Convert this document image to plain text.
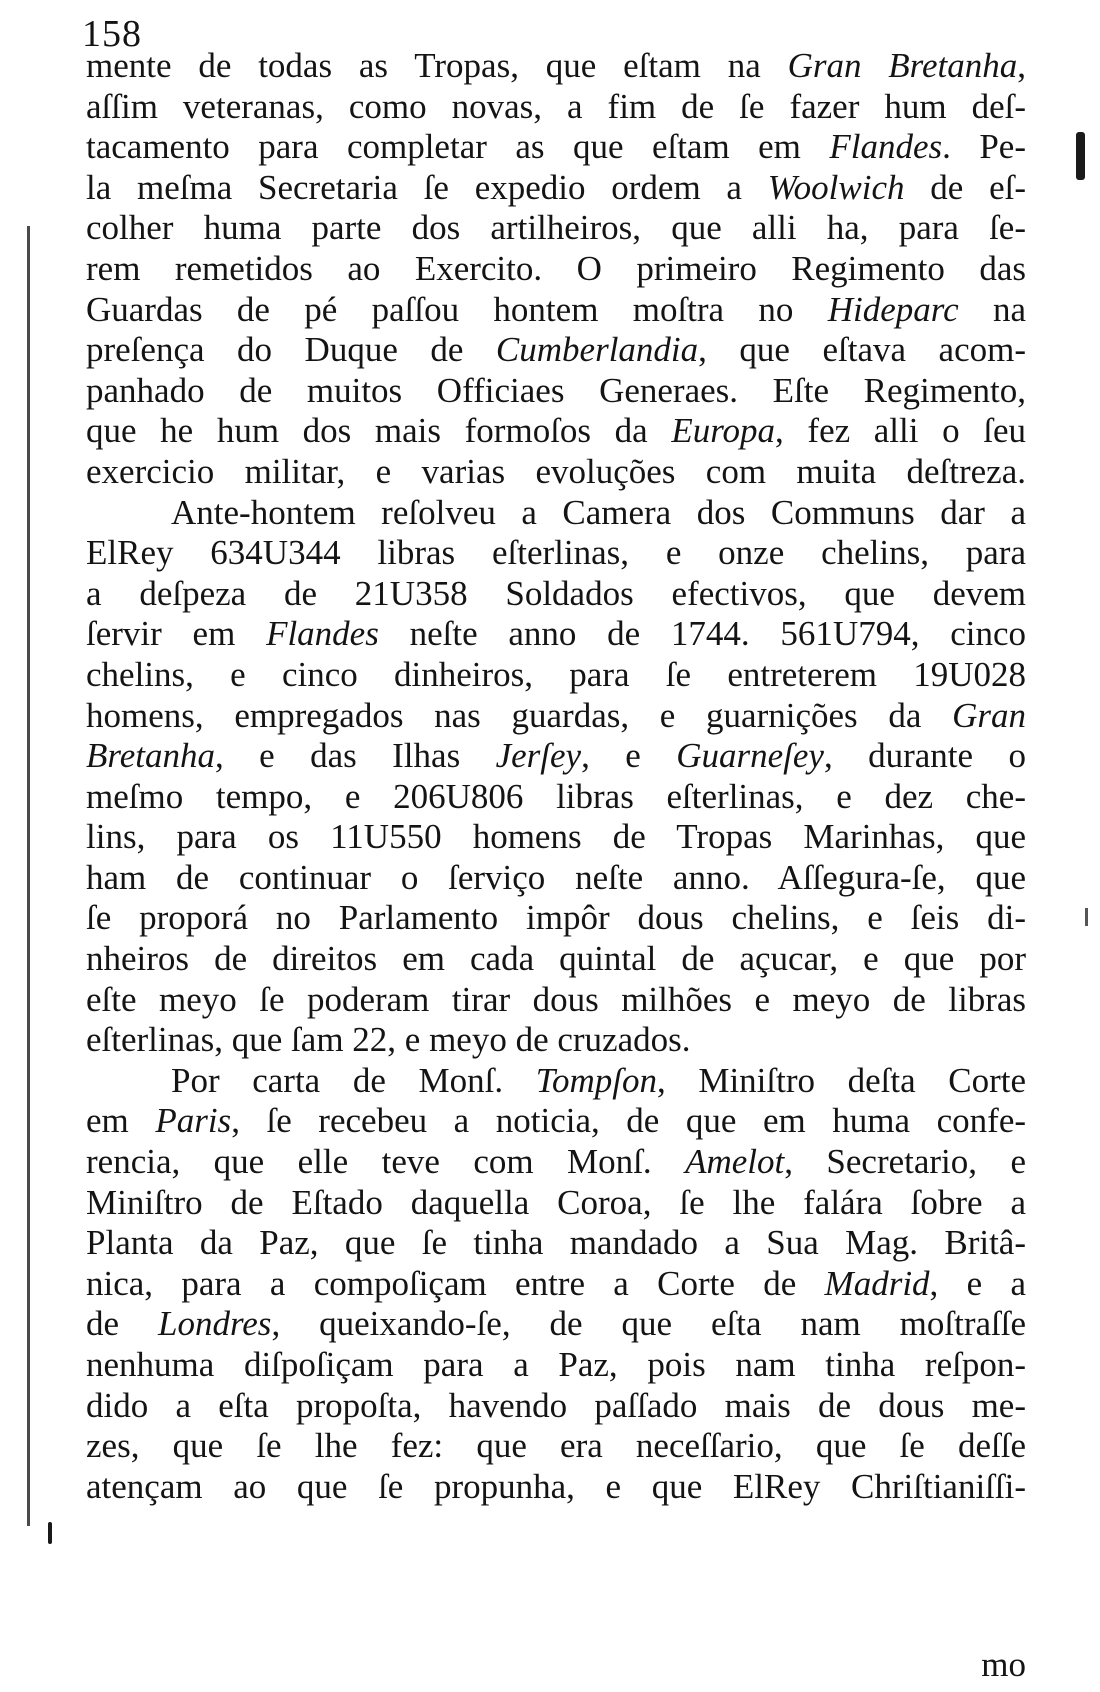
158
mente de todas as Tropas, que eſtam na Gran Bretanha,
aſſim veteranas, como novas, a fim de ſe fazer hum deſ-
tacamento para completar as que eſtam em Flandes. Pe-
la meſma Secretaria ſe expedio ordem a Woolwich de eſ-
colher huma parte dos artilheiros, que alli ha, para ſe-
rem remetidos ao Exercito. O primeiro Regimento das
Guardas de pé paſſou hontem moſtra no Hideparc na
preſença do Duque de Cumberlandia, que eſtava acom-
panhado de muitos Officiaes Generaes. Eſte Regimento,
que he hum dos mais formoſos da Europa, fez alli o ſeu
exercicio militar, e varias evoluções com muita deſtreza.
Ante-hontem reſolveu a Camera dos Communs dar a
ElRey 634U344 libras eſterlinas, e onze chelins, para
a deſpeza de 21U358 Soldados efectivos, que devem
ſervir em Flandes neſte anno de 1744. 561U794, cinco
chelins, e cinco dinheiros, para ſe entreterem 19U028
homens, empregados nas guardas, e guarnições da Gran
Bretanha, e das Ilhas Jerſey, e Guarneſey, durante o
meſmo tempo, e 206U806 libras eſterlinas, e dez che-
lins, para os 11U550 homens de Tropas Marinhas, que
ham de continuar o ſerviço neſte anno. Aſſegura-ſe, que
ſe proporá no Parlamento impôr dous chelins, e ſeis di-
nheiros de direitos em cada quintal de açucar, e que por
eſte meyo ſe poderam tirar dous milhões e meyo de libras
eſterlinas, que ſam 22, e meyo de cruzados.
Por carta de Monſ. Tompſon, Miniſtro deſta Corte
em Paris, ſe recebeu a noticia, de que em huma confe-
rencia, que elle teve com Monſ. Amelot, Secretario, e
Miniſtro de Eſtado daquella Coroa, ſe lhe falára ſobre a
Planta da Paz, que ſe tinha mandado a Sua Mag. Britâ-
nica, para a compoſiçam entre a Corte de Madrid, e a
de Londres, queixando-ſe, de que eſta nam moſtraſſe
nenhuma diſpoſiçam para a Paz, pois nam tinha reſpon-
dido a eſta propoſta, havendo paſſado mais de dous me-
zes, que ſe lhe fez: que era neceſſario, que ſe deſſe
atençam ao que ſe propunha, e que ElRey Chriſtianiſſi-
mo
